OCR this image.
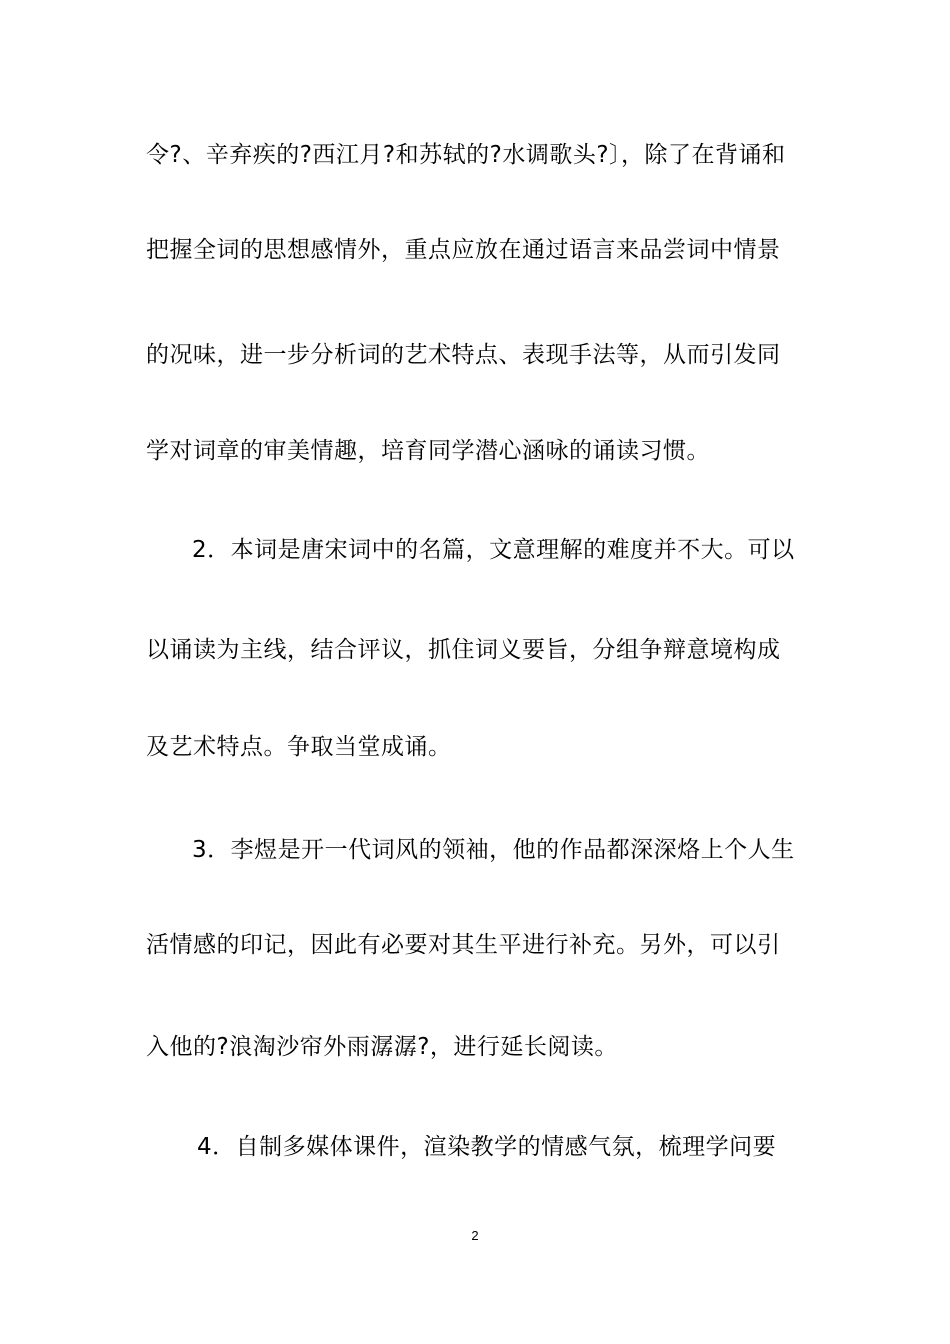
令?、辛弃疾的?西江月?和苏轼的?水调歌头?〕，除了在背诵和
把握全词的思想感情外，重点应放在通过语言来品尝词中情景
的况味，进一步分析词的艺术特点、表现手法等，从而引发同
学对词章的审美情趣，培育同学潜心涵咏的诵读习惯。
2．本词是唐宋词中的名篇，文意理解的难度并不大。可以
以诵读为主线，结合评议，抓住词义要旨，分组争辩意境构成
及艺术特点。争取当堂成诵。
3．李煜是开一代词风的领袖，他的作品都深深烙上个人生
活情感的印记，因此有必要对其生平进行补充。另外，可以引
入他的?浪淘沙帘外雨潺潺?，进行延长阅读。
4．自制多媒体课件，渲染教学的情感气氛，梳理学问要
2
